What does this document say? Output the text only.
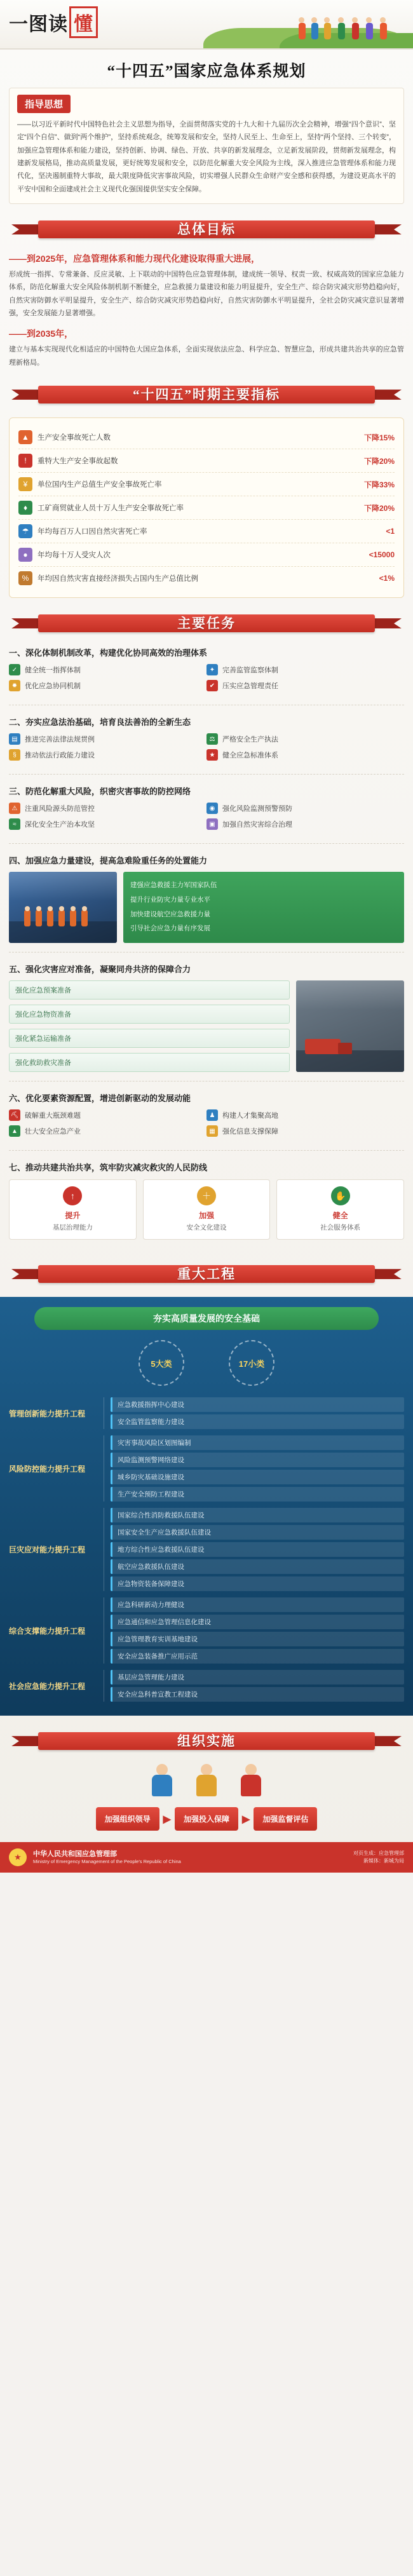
一图读 懂
“十四五”国家应急体系规划
指导思想
——以习近平新时代中国特色社会主义思想为指导，全面贯彻落实党的十九大和十九届历次全会精神，增强“四个意识”、坚定“四个自信”、做到“两个维护”，坚持系统观念，统筹发展和安全，坚持人民至上、生命至上，坚持“两个坚持、三个转变”，加强应急管理体系和能力建设，坚持创新、协调、绿色、开放、共享的新发展理念，立足新发展阶段，贯彻新发展理念，构建新发展格局，推动高质量发展，更好统筹发展和安全，以防范化解重大安全风险为主线，深入推进应急管理体系和能力现代化，坚决遏制重特大事故，最大限度降低灾害事故风险，切实增强人民群众生命财产安全感和获得感，为建设更高水平的平安中国和全面建成社会主义现代化强国提供坚实安全保障。
总体目标
——到2025年，应急管理体系和能力现代化建设取得重大进展，
形成统一指挥、专常兼备、反应灵敏、上下联动的中国特色应急管理体制，建成统一领导、权责一致、权威高效的国家应急能力体系，防范化解重大安全风险体制机制不断健全，应急救援力量建设和能力明显提升，安全生产、综合防灾减灾形势趋稳向好，自然灾害防御水平明显提升，安全生产、综合防灾减灾形势趋稳向好，自然灾害防御水平明显提升，全社会防灾减灾意识显著增强，安全发展能力显著增强。
——到2035年，
建立与基本实现现代化相适应的中国特色大国应急体系，全面实现依法应急、科学应急、智慧应急，形成共建共治共享的应急管理新格局。
“十四五”时期主要指标
▲	生产安全事故死亡人数	下降15%
!	重特大生产安全事故起数	下降20%
¥	单位国内生产总值生产安全事故死亡率	下降33%
♦	工矿商贸就业人员十万人生产安全事故死亡率	下降20%
☂	年均每百万人口因自然灾害死亡率	<1
●	年均每十万人受灾人次	<15000
%	年均因自然灾害直接经济损失占国内生产总值比例	<1%
主要任务
一、深化体制机制改革，构建优化协同高效的治理体系
✓	健全统一指挥体制	✦	完善监管监察体制
✹	优化应急协同机制	✔	压实应急管理责任
二、夯实应急法治基础，培育良法善治的全新生态
▤	推进完善法律法规贯例	⚖	严格安全生产执法
§	推动依法行政能力建设	★	健全应急标准体系
三、防范化解重大风险，织密灾害事故的防控网络
⚠	注重风险源头防范管控	◉	强化风险监测预警预防
≈	深化安全生产治本攻坚	▣	加强自然灾害综合治理
四、加强应急力量建设，提高急难险重任务的处置能力
建强应急救援主力军国家队伍
提升行业防灾力量专业水平
加快建设航空应急救援力量
引导社会应急力量有序发展
五、强化灾害应对准备，凝聚同舟共济的保障合力
强化应急预案准备
强化应急物资准备
强化紧急运输准备
强化救助救灾准备
六、优化要素资源配置，增进创新驱动的发展动能
⛏ 破解重大瓶颈难题	♟	构建人才集聚高地
▲	壮大安全应急产业	▦	强化信息支撑保障
七、推动共建共治共享，筑牢防灾减灾救灾的人民防线
↑
提升
基层治理能力
＋
加强
安全文化建设
✋
健全
社会服务体系
重大工程
夯实高质量发展的安全基础
5大类	17小类
管理创新能力提升工程
应急救援指挥中心建设
安全监管监察能力建设
风险防控能力提升工程
灾害事故风险区划图编制
风险监测预警网络建设
域乡防灾基础设施建设
生产安全预防工程建设
巨灾应对能力提升工程
国家综合性消防救援队伍建设
国家安全生产应急救援队伍建设
地方综合性应急救援队伍建设
航空应急救援队伍建设
应急物资装备保障建设
综合支撑能力提升工程
应急科研新动力理健设
应急通信和应急管理信息化建设
应急管理教育实训基地建设
安全应急装备推广应用示范
社会应急能力提升工程
基层应急管理能力建设
安全应急科普宣教工程建设
组织实施
加强组织领导	▶	加强投入保障	▶	加强监督评估
★	中华人民共和国应急管理部
Ministry of Emergency Management of the People's Republic of China
对页生成：应急管理部
新媒体：新城为局
